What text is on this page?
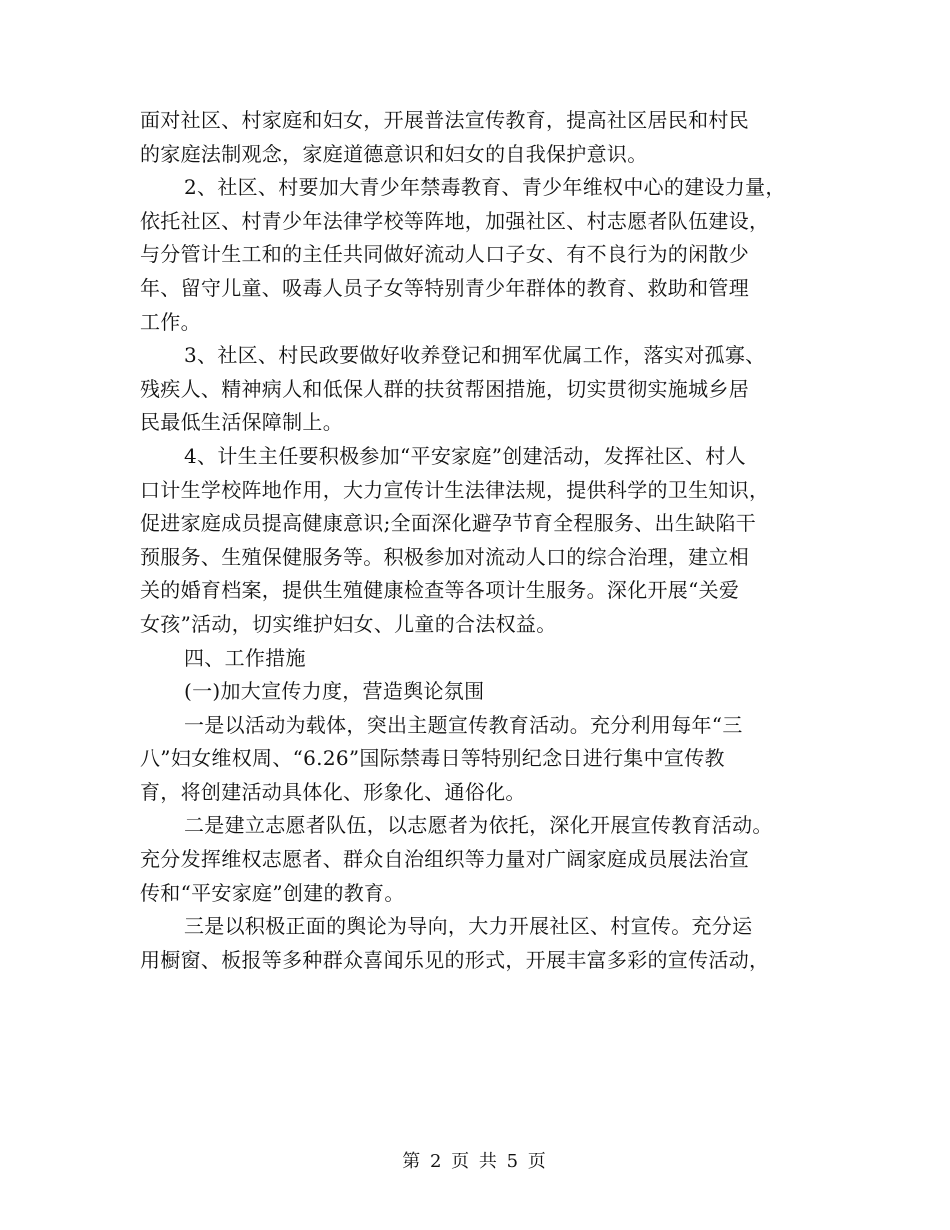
面对社区、村家庭和妇女，开展普法宣传教育，提高社区居民和村民
的家庭法制观念，家庭道德意识和妇女的自我保护意识。
2、社区、村要加大青少年禁毒教育、青少年维权中心的建设力量，
依托社区、村青少年法律学校等阵地，加强社区、村志愿者队伍建设，
与分管计生工和的主任共同做好流动人口子女、有不良行为的闲散少
年、留守儿童、吸毒人员子女等特别青少年群体的教育、救助和管理
工作。
3、社区、村民政要做好收养登记和拥军优属工作，落实对孤寡、
残疾人、精神病人和低保人群的扶贫帮困措施，切实贯彻实施城乡居
民最低生活保障制上。
4、计生主任要积极参加“平安家庭”创建活动，发挥社区、村人
口计生学校阵地作用，大力宣传计生法律法规，提供科学的卫生知识，
促进家庭成员提高健康意识;全面深化避孕节育全程服务、出生缺陷干
预服务、生殖保健服务等。积极参加对流动人口的综合治理，建立相
关的婚育档案，提供生殖健康检查等各项计生服务。深化开展“关爱
女孩”活动，切实维护妇女、儿童的合法权益。
四、工作措施
(一)加大宣传力度，营造舆论氛围
一是以活动为载体，突出主题宣传教育活动。充分利用每年“三
八”妇女维权周、“6.26”国际禁毒日等特别纪念日进行集中宣传教
育，将创建活动具体化、形象化、通俗化。
二是建立志愿者队伍，以志愿者为依托，深化开展宣传教育活动。
充分发挥维权志愿者、群众自治组织等力量对广阔家庭成员展法治宣
传和“平安家庭”创建的教育。
三是以积极正面的舆论为导向，大力开展社区、村宣传。充分运
用橱窗、板报等多种群众喜闻乐见的形式，开展丰富多彩的宣传活动，
第 2 页 共 5 页
